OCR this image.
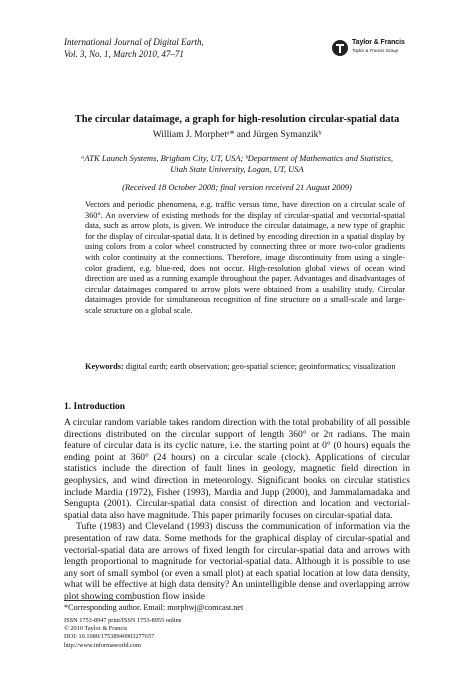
International Journal of Digital Earth,
Vol. 3, No. 1, March 2010, 47–71
Taylor & Francis
Taylor & Francis Group
The circular dataimage, a graph for high-resolution circular-spatial data
William J. Morphetᵃ* and Jürgen Symanzikᵇ
ᵃATK Launch Systems, Brigham City, UT, USA; ᵇDepartment of Mathematics and Statistics,
Utah State University, Logan, UT, USA
(Received 18 October 2008; final version received 21 August 2009)

Vectors and periodic phenomena, e.g. traffic versus time, have direction on a circular scale of 360°. An overview of existing methods for the display of circular-spatial and vectorial-spatial data, such as arrow plots, is given. We introduce the circular dataimage, a new type of graphic for the display of circular-spatial data. It is defined by encoding direction in a spatial display by using colors from a color wheel constructed by connecting three or more two-color gradients with color continuity at the connections. Therefore, image discontinuity from using a single-color gradient, e.g. blue-red, does not occur. High-resolution global views of ocean wind direction are used as a running example throughout the paper. Advantages and disadvantages of circular dataimages compared to arrow plots were obtained from a usability study. Circular dataimages provide for simultaneous recognition of fine structure on a small-scale and large-scale structure on a global scale.

Keywords: digital earth; earth observation; geo-spatial science; geoinformatics; visualization
1. Introduction

A circular random variable takes random direction with the total probability of all possible directions distributed on the circular support of length 360° or 2π radians. The main feature of circular data is its cyclic nature, i.e. the starting point at 0° (0 hours) equals the ending point at 360° (24 hours) on a circular scale (clock). Applications of circular statistics include the direction of fault lines in geology, magnetic field direction in geophysics, and wind direction in meteorology. Significant books on circular statistics include Mardia (1972), Fisher (1993), Mardia and Jupp (2000), and Jammalamadaka and Sengupta (2001). Circular-spatial data consist of direction and location and vectorial-spatial data also have magnitude. This paper primarily focuses on circular-spatial data.

Tufte (1983) and Cleveland (1993) discuss the communication of information via the presentation of raw data. Some methods for the graphical display of circular-spatial and vectorial-spatial data are arrows of fixed length for circular-spatial data and arrows with length proportional to magnitude for vectorial-spatial data. Although it is possible to use any sort of small symbol (or even a small plot) at each spatial location at low data density, what will be effective at high data density? An unintelligible dense and overlapping arrow plot showing combustion flow inside

*Corresponding author. Email: morphwj@comcast.net
ISSN 1753-8947 print/ISSN 1753-8955 online
© 2010 Taylor & Francis
DOI: 10.1080/17538940903277657
http://www.informaworld.com
